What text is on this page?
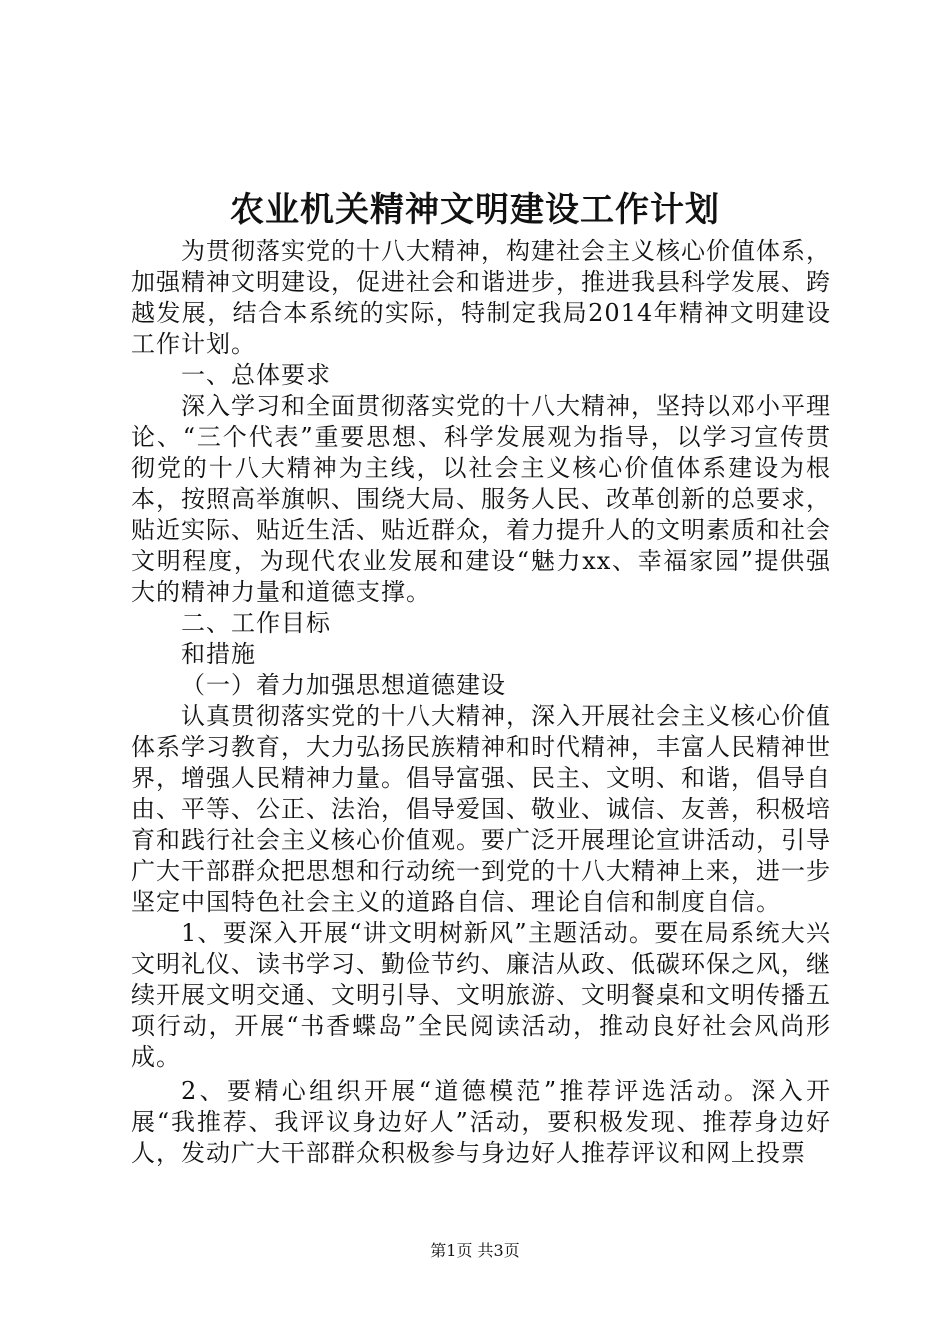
农业机关精神文明建设工作计划

为贯彻落实党的十八大精神，构建社会主义核心价值体系，加强精神文明建设，促进社会和谐进步，推进我县科学发展、跨越发展，结合本系统的实际，特制定我局2014年精神文明建设工作计划。

一、总体要求

深入学习和全面贯彻落实党的十八大精神，坚持以邓小平理论、“三个代表”重要思想、科学发展观为指导，以学习宣传贯彻党的十八大精神为主线，以社会主义核心价值体系建设为根本，按照高举旗帜、围绕大局、服务人民、改革创新的总要求，贴近实际、贴近生活、贴近群众，着力提升人的文明素质和社会文明程度，为现代农业发展和建设“魅力xx、幸福家园”提供强大的精神力量和道德支撑。

二、工作目标

和措施

（一）着力加强思想道德建设

认真贯彻落实党的十八大精神，深入开展社会主义核心价值体系学习教育，大力弘扬民族精神和时代精神，丰富人民精神世界，增强人民精神力量。倡导富强、民主、文明、和谐，倡导自由、平等、公正、法治，倡导爱国、敬业、诚信、友善，积极培育和践行社会主义核心价值观。要广泛开展理论宣讲活动，引导广大干部群众把思想和行动统一到党的十八大精神上来，进一步坚定中国特色社会主义的道路自信、理论自信和制度自信。

1、要深入开展“讲文明树新风”主题活动。要在局系统大兴文明礼仪、读书学习、勤俭节约、廉洁从政、低碳环保之风，继续开展文明交通、文明引导、文明旅游、文明餐桌和文明传播五项行动，开展“书香蝶岛”全民阅读活动，推动良好社会风尚形成。

2、要精心组织开展“道德模范”推荐评选活动。深入开展“我推荐、我评议身边好人”活动，要积极发现、推荐身边好人，发动广大干部群众积极参与身边好人推荐评议和网上投票

第1页 共3页
